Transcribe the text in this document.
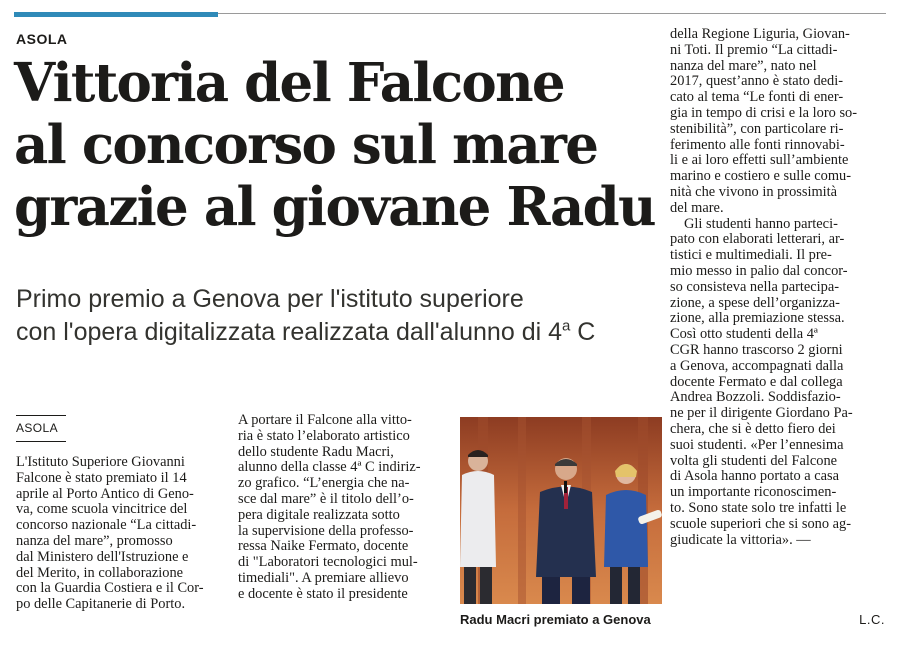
ASOLA
Vittoria del Falcone
al concorso sul mare
grazie al giovane Radu
Primo premio a Genova per l'istituto superiore
con l'opera digitalizzata realizzata dall'alunno di 4$^a$ C
ASOLA
L'Istituto Superiore Giovanni
Falcone è stato premiato il 14
aprile al Porto Antico di Geno-
va, come scuola vincitrice del
concorso nazionale “La cittadi-
nanza del mare”, promosso
dal Ministero dell'Istruzione e
del Merito, in collaborazione
con la Guardia Costiera e il Cor-
po delle Capitanerie di Porto.
A portare il Falcone alla vitto-
ria è stato l’elaborato artistico
dello studente Radu Macri,
alunno della classe 4ª C indiriz-
zo grafico. “L’energia che na-
sce dal mare” è il titolo dell’o-
pera digitale realizzata sotto
la supervisione della professo-
ressa Naike Fermato, docente
di "Laboratori tecnologici mul-
timediali". A premiare allievo
e docente è stato il presidente
Radu Macri premiato a Genova
della Regione Liguria, Giovan-
ni Toti. Il premio “La cittadi-
nanza del mare”, nato nel
2017, quest’anno è stato dedi-
cato al tema “Le fonti di ener-
gia in tempo di crisi e la loro so-
stenibilità”, con particolare ri-
ferimento alle fonti rinnovabi-
li e ai loro effetti sull’ambiente
marino e costiero e sulle comu-
nità che vivono in prossimità
del mare.
Gli studenti hanno parteci-
pato con elaborati letterari, ar-
tistici e multimediali. Il pre-
mio messo in palio dal concor-
so consisteva nella partecipa-
zione, a spese dell’organizza-
zione, alla premiazione stessa.
Così otto studenti della 4ª
CGR hanno trascorso 2 giorni
a Genova, accompagnati dalla
docente Fermato e dal collega
Andrea Bozzoli. Soddisfazio-
ne per il dirigente Giordano Pa-
chera, che si è detto fiero dei
suoi studenti. «Per l’ennesima
volta gli studenti del Falcone
di Asola hanno portato a casa
un importante riconoscimen-
to. Sono state solo tre infatti le
scuole superiori che si sono ag-
giudicate la vittoria». —
L.C.
